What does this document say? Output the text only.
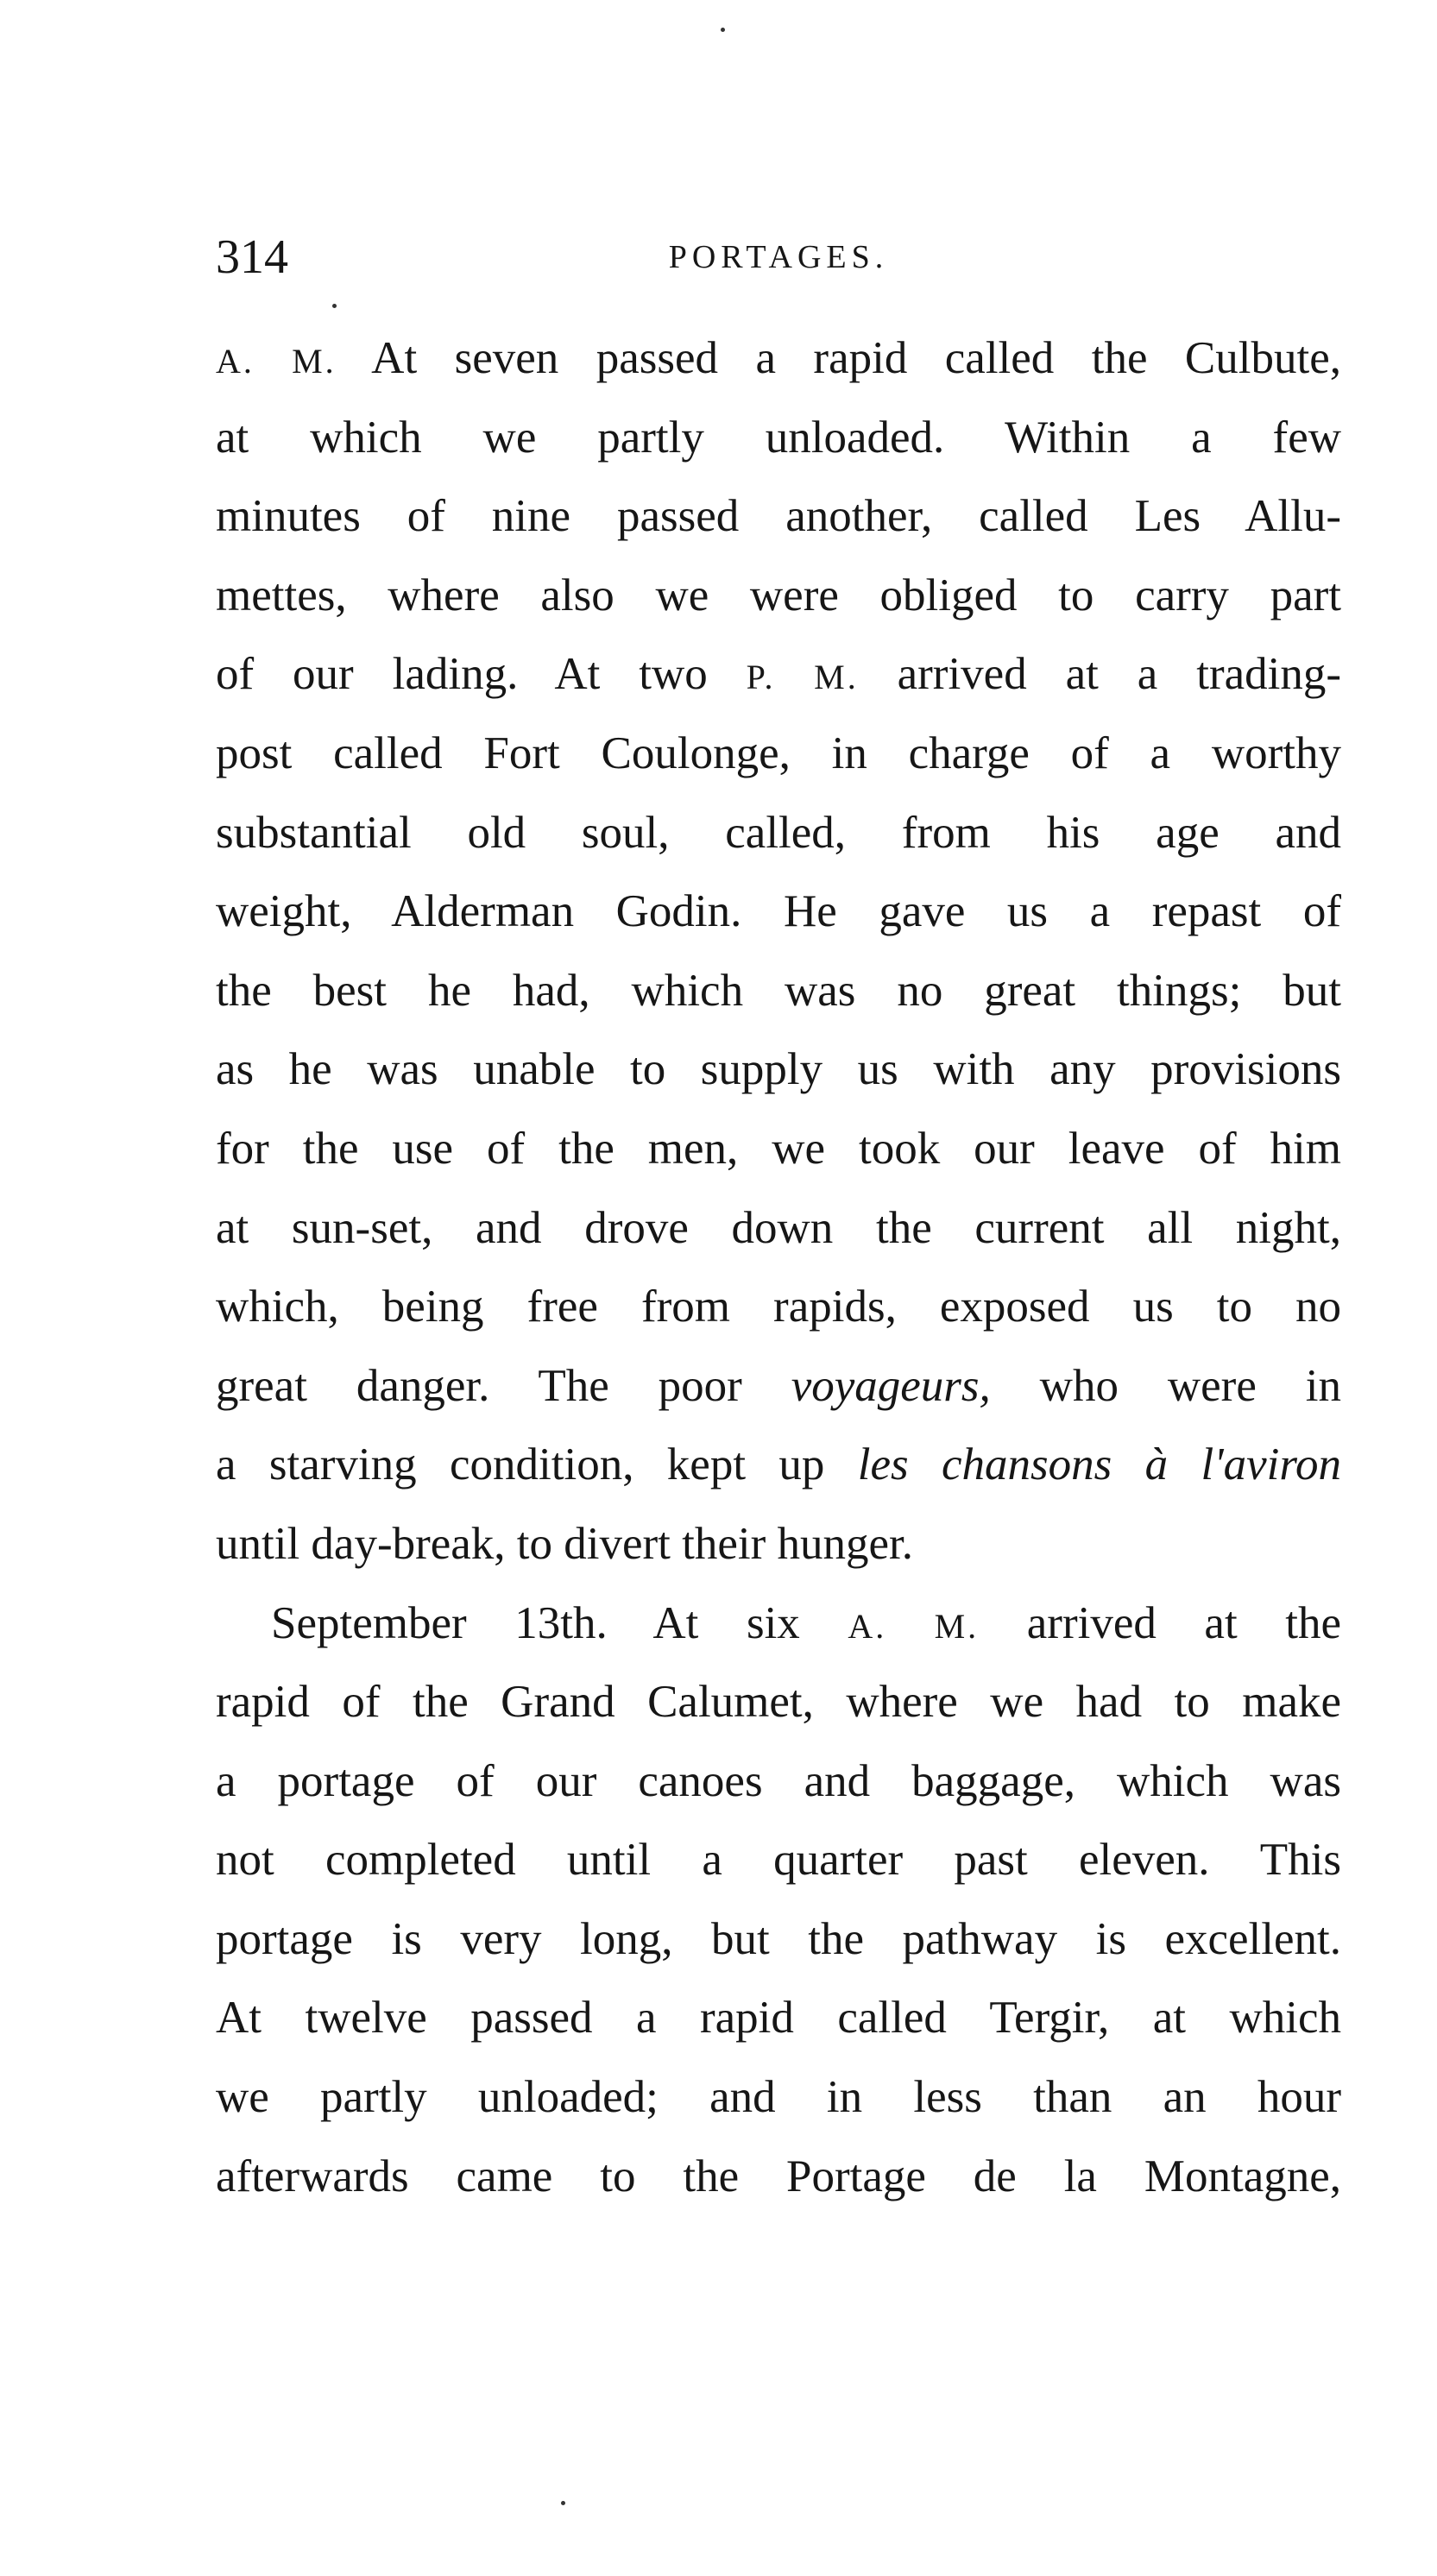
314	PORTAGES.
A. M. At seven passed a rapid called the Culbute,
at which we partly unloaded. Within a few
minutes of nine passed another, called Les Allu-
mettes, where also we were obliged to carry part
of our lading. At two P. M. arrived at a trading-
post called Fort Coulonge, in charge of a worthy
substantial old soul, called, from his age and
weight, Alderman Godin. He gave us a repast of
the best he had, which was no great things; but
as he was unable to supply us with any provisions
for the use of the men, we took our leave of him
at sun-set, and drove down the current all night,
which, being free from rapids, exposed us to no
great danger. The poor voyageurs, who were in
a starving condition, kept up les chansons à l'aviron
until day-break, to divert their hunger.
September 13th. At six A. M. arrived at the
rapid of the Grand Calumet, where we had to make
a portage of our canoes and baggage, which was
not completed until a quarter past eleven. This
portage is very long, but the pathway is excellent.
At twelve passed a rapid called Tergir, at which
we partly unloaded; and in less than an hour
afterwards came to the Portage de la Montagne,
